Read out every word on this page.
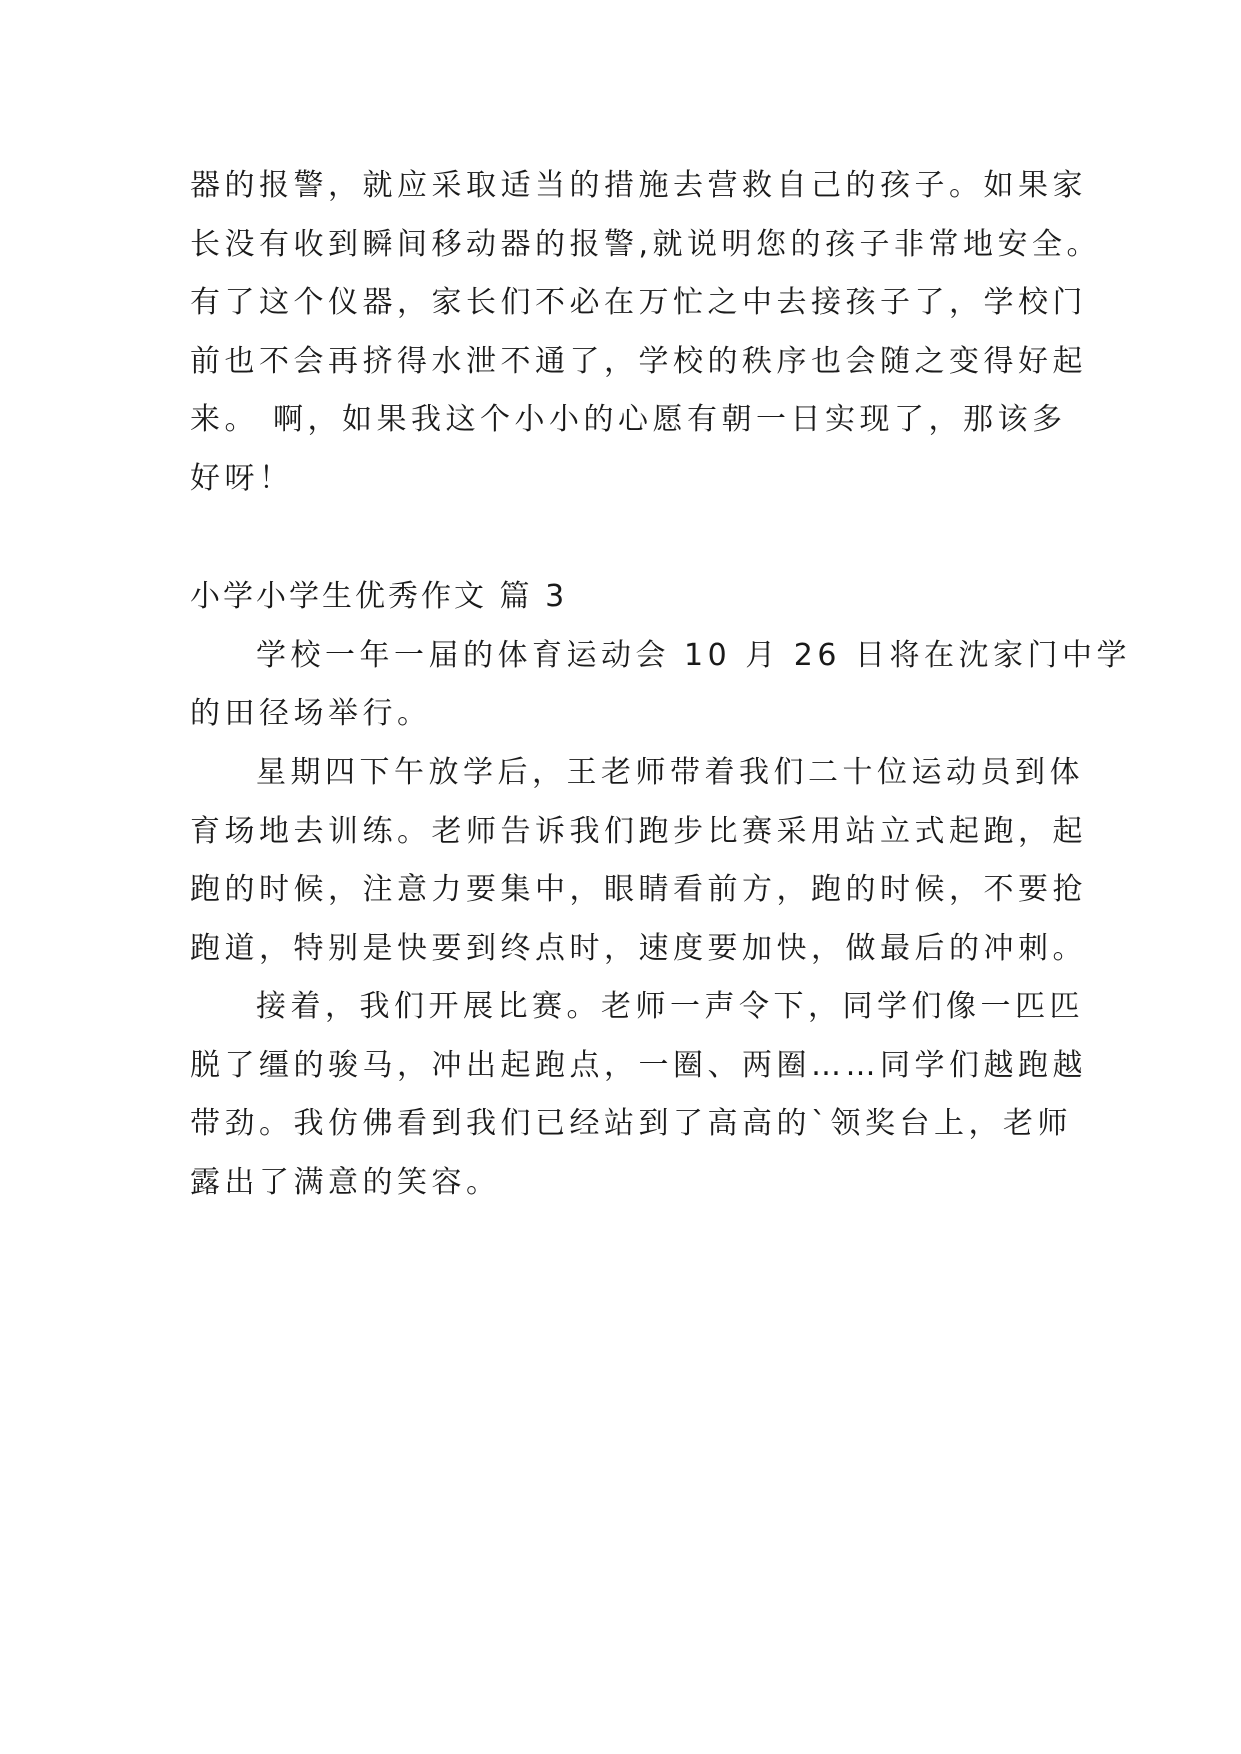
器的报警，就应采取适当的措施去营救自己的孩子。如果家
长没有收到瞬间移动器的报警,就说明您的孩子非常地安全。
有了这个仪器，家长们不必在万忙之中去接孩子了，学校门
前也不会再挤得水泄不通了，学校的秩序也会随之变得好起
来。 啊，如果我这个小小的心愿有朝一日实现了，那该多
好呀！
小学小学生优秀作文 篇 3
学校一年一届的体育运动会 10 月 26 日将在沈家门中学
的田径场举行。
星期四下午放学后，王老师带着我们二十位运动员到体
育场地去训练。老师告诉我们跑步比赛采用站立式起跑，起
跑的时候，注意力要集中，眼睛看前方，跑的时候，不要抢
跑道，特别是快要到终点时，速度要加快，做最后的冲刺。
接着，我们开展比赛。老师一声令下，同学们像一匹匹
脱了缰的骏马，冲出起跑点，一圈、两圈……同学们越跑越
带劲。我仿佛看到我们已经站到了高高的`领奖台上，老师
露出了满意的笑容。
